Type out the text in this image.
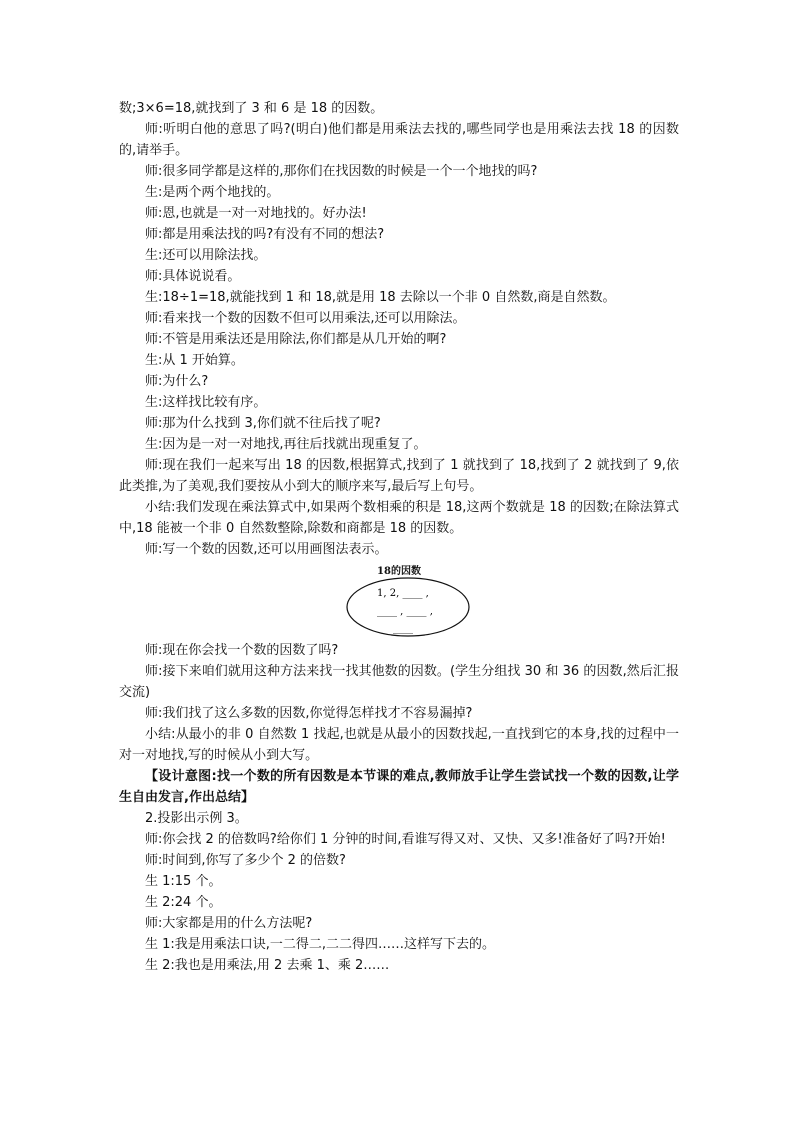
数;3×6=18,就找到了 3 和 6 是 18 的因数。

师:听明白他的意思了吗?(明白)他们都是用乘法去找的,哪些同学也是用乘法去找 18 的因数的,请举手。

师:很多同学都是这样的,那你们在找因数的时候是一个一个地找的吗?

生:是两个两个地找的。

师:恩,也就是一对一对地找的。好办法!

师:都是用乘法找的吗?有没有不同的想法?

生:还可以用除法找。

师:具体说说看。

生:18÷1=18,就能找到 1 和 18,就是用 18 去除以一个非 0 自然数,商是自然数。

师:看来找一个数的因数不但可以用乘法,还可以用除法。

师:不管是用乘法还是用除法,你们都是从几开始的啊?

生:从 1 开始算。

师:为什么?

生:这样找比较有序。

师:那为什么找到 3,你们就不往后找了呢?

生:因为是一对一对地找,再往后找就出现重复了。

师:现在我们一起来写出 18 的因数,根据算式,找到了 1 就找到了 18,找到了 2 就找到了 9,依此类推,为了美观,我们要按从小到大的顺序来写,最后写上句号。

小结:我们发现在乘法算式中,如果两个数相乘的积是 18,这两个数就是 18 的因数;在除法算式中,18 能被一个非 0 自然数整除,除数和商都是 18 的因数。

师:写一个数的因数,还可以用画图法表示。

18的因数
1, 2, ____ ,
____ , ____ ,
____

师:现在你会找一个数的因数了吗?

师:接下来咱们就用这种方法来找一找其他数的因数。(学生分组找 30 和 36 的因数,然后汇报交流)

师:我们找了这么多数的因数,你觉得怎样找才不容易漏掉?

小结:从最小的非 0 自然数 1 找起,也就是从最小的因数找起,一直找到它的本身,找的过程中一对一对地找,写的时候从小到大写。

【设计意图:找一个数的所有因数是本节课的难点,教师放手让学生尝试找一个数的因数,让学生自由发言,作出总结】

2.投影出示例 3。

师:你会找 2 的倍数吗?给你们 1 分钟的时间,看谁写得又对、又快、又多!准备好了吗?开始!

师:时间到,你写了多少个 2 的倍数?

生 1:15 个。

生 2:24 个。

师:大家都是用的什么方法呢?

生 1:我是用乘法口诀,一二得二,二二得四……这样写下去的。

生 2:我也是用乘法,用 2 去乘 1、乘 2……
